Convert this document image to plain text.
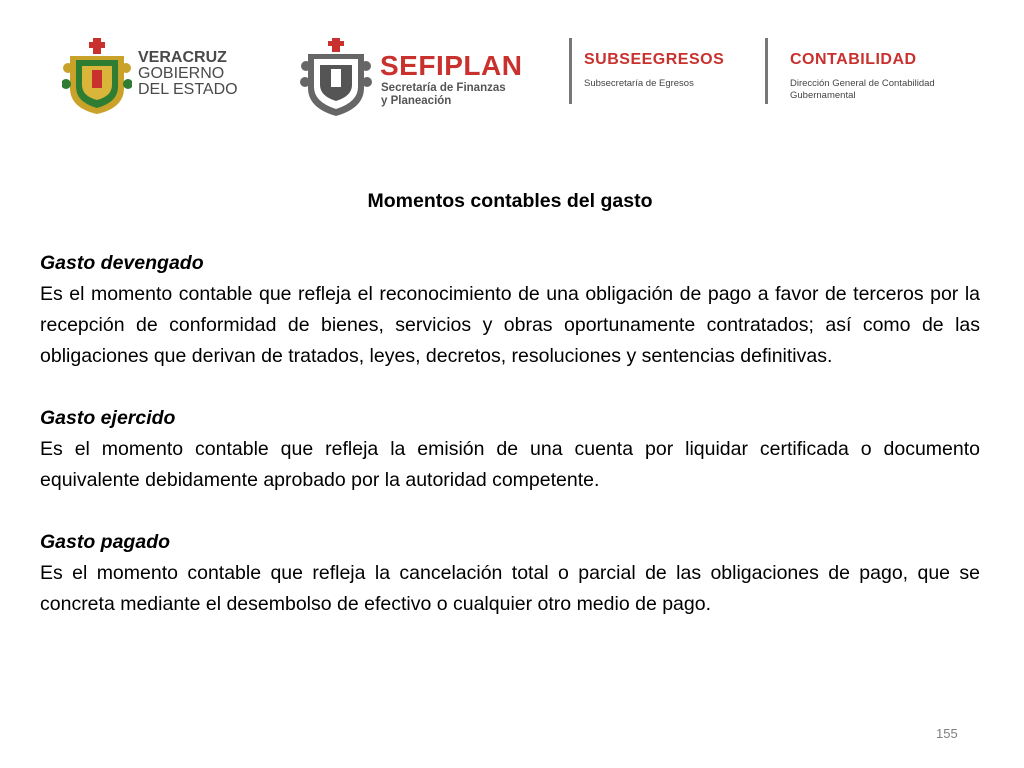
VERACRUZ
GOBIERNO
DEL ESTADO
SEFIPLAN
Secretaría de Finanzas
y Planeación
SUBSEEGRESOS
Subsecretaría de Egresos
CONTABILIDAD
Dirección General de Contabilidad
Gubernamental
Momentos contables del gasto
Gasto devengado
Es el momento contable que refleja el reconocimiento de una obligación de pago a favor de terceros por la recepción de conformidad de bienes, servicios y obras oportunamente contratados; así como de las obligaciones que derivan de tratados, leyes, decretos, resoluciones y sentencias definitivas.
Gasto ejercido
Es el momento contable que refleja la emisión de una cuenta por liquidar certificada o documento equivalente debidamente aprobado por la autoridad competente.
Gasto pagado
Es el momento contable que refleja la cancelación total o parcial de las obligaciones de pago, que se concreta mediante el desembolso de efectivo o cualquier otro medio de pago.
155
